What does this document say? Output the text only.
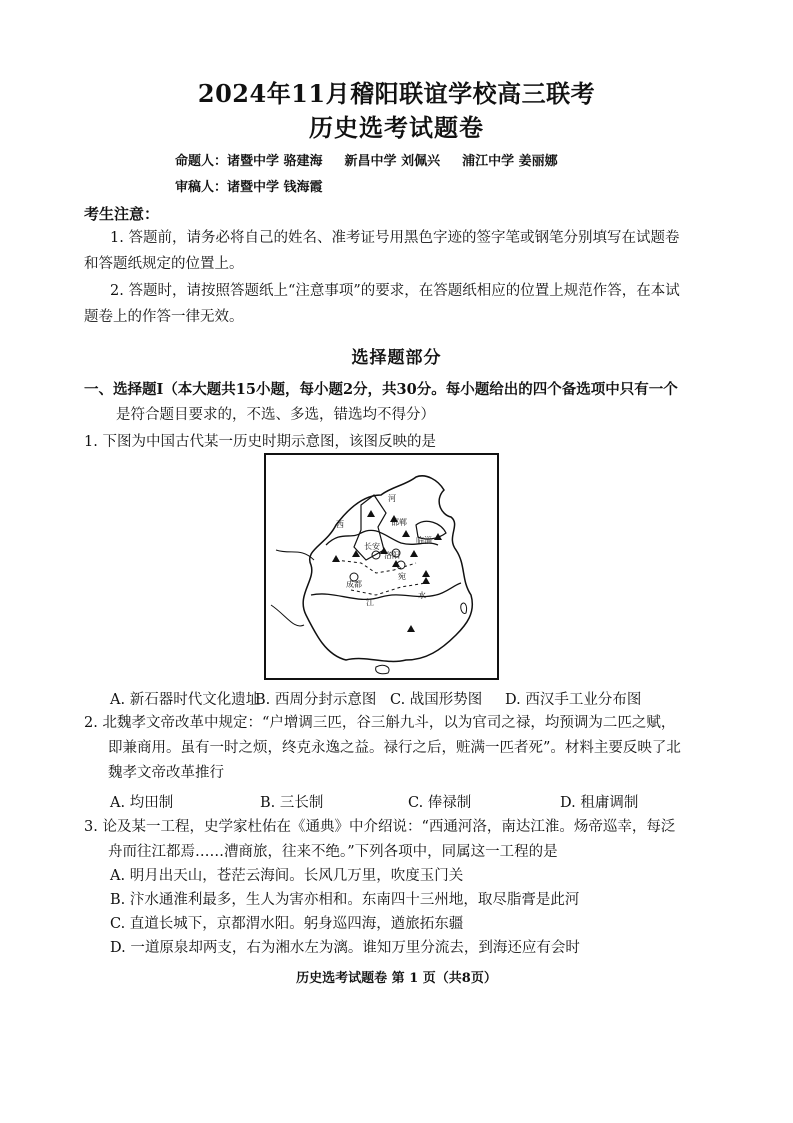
2024年11月稽阳联谊学校高三联考
历史选考试题卷
命题人：诸暨中学 骆建海 新昌中学 刘佩兴 浦江中学 姜丽娜
审稿人：诸暨中学 钱海霞
考生注意：
1. 答题前，请务必将自己的姓名、准考证号用黑色字迹的签字笔或钢笔分别填写在试题卷
和答题纸规定的位置上。
2. 答题时，请按照答题纸上“注意事项”的要求，在答题纸相应的位置上规范作答，在本试
题卷上的作答一律无效。
选择题部分
一、选择题Ⅰ（本大题共15小题，每小题2分，共30分。每小题给出的四个备选项中只有一个
是符合题目要求的，不选、多选，错选均不得分）
1. 下图为中国古代某一历史时期示意图，该图反映的是
西
长安
洛阳
临淄
邯郸
成都
江
水
河
宛
A. 新石器时代文化遗址
B. 西周分封示意图 C. 战国形势图 D. 西汉手工业分布图
2. 北魏孝文帝改革中规定：“户增调三匹，谷三斛九斗，以为官司之禄，均预调为二匹之赋，
即兼商用。虽有一时之烦，终克永逸之益。禄行之后，赃满一匹者死”。材料主要反映了北
魏孝文帝改革推行
A. 均田制	B. 三长制	C. 俸禄制	D. 租庸调制
3. 论及某一工程，史学家杜佑在《通典》中介绍说：“西通河洛，南达江淮。炀帝巡幸，每泛
舟而往江都焉……漕商旅，往来不绝。”下列各项中，同属这一工程的是
A. 明月出天山，苍茫云海间。长风几万里，吹度玉门关
B. 汴水通淮利最多，生人为害亦相和。东南四十三州地，取尽脂膏是此河
C. 直道长城下，京都渭水阳。躬身巡四海，遒旅拓东疆
D. 一道原泉却两支，右为湘水左为漓。谁知万里分流去，到海还应有会时
历史选考试题卷 第 1 页（共8页）
